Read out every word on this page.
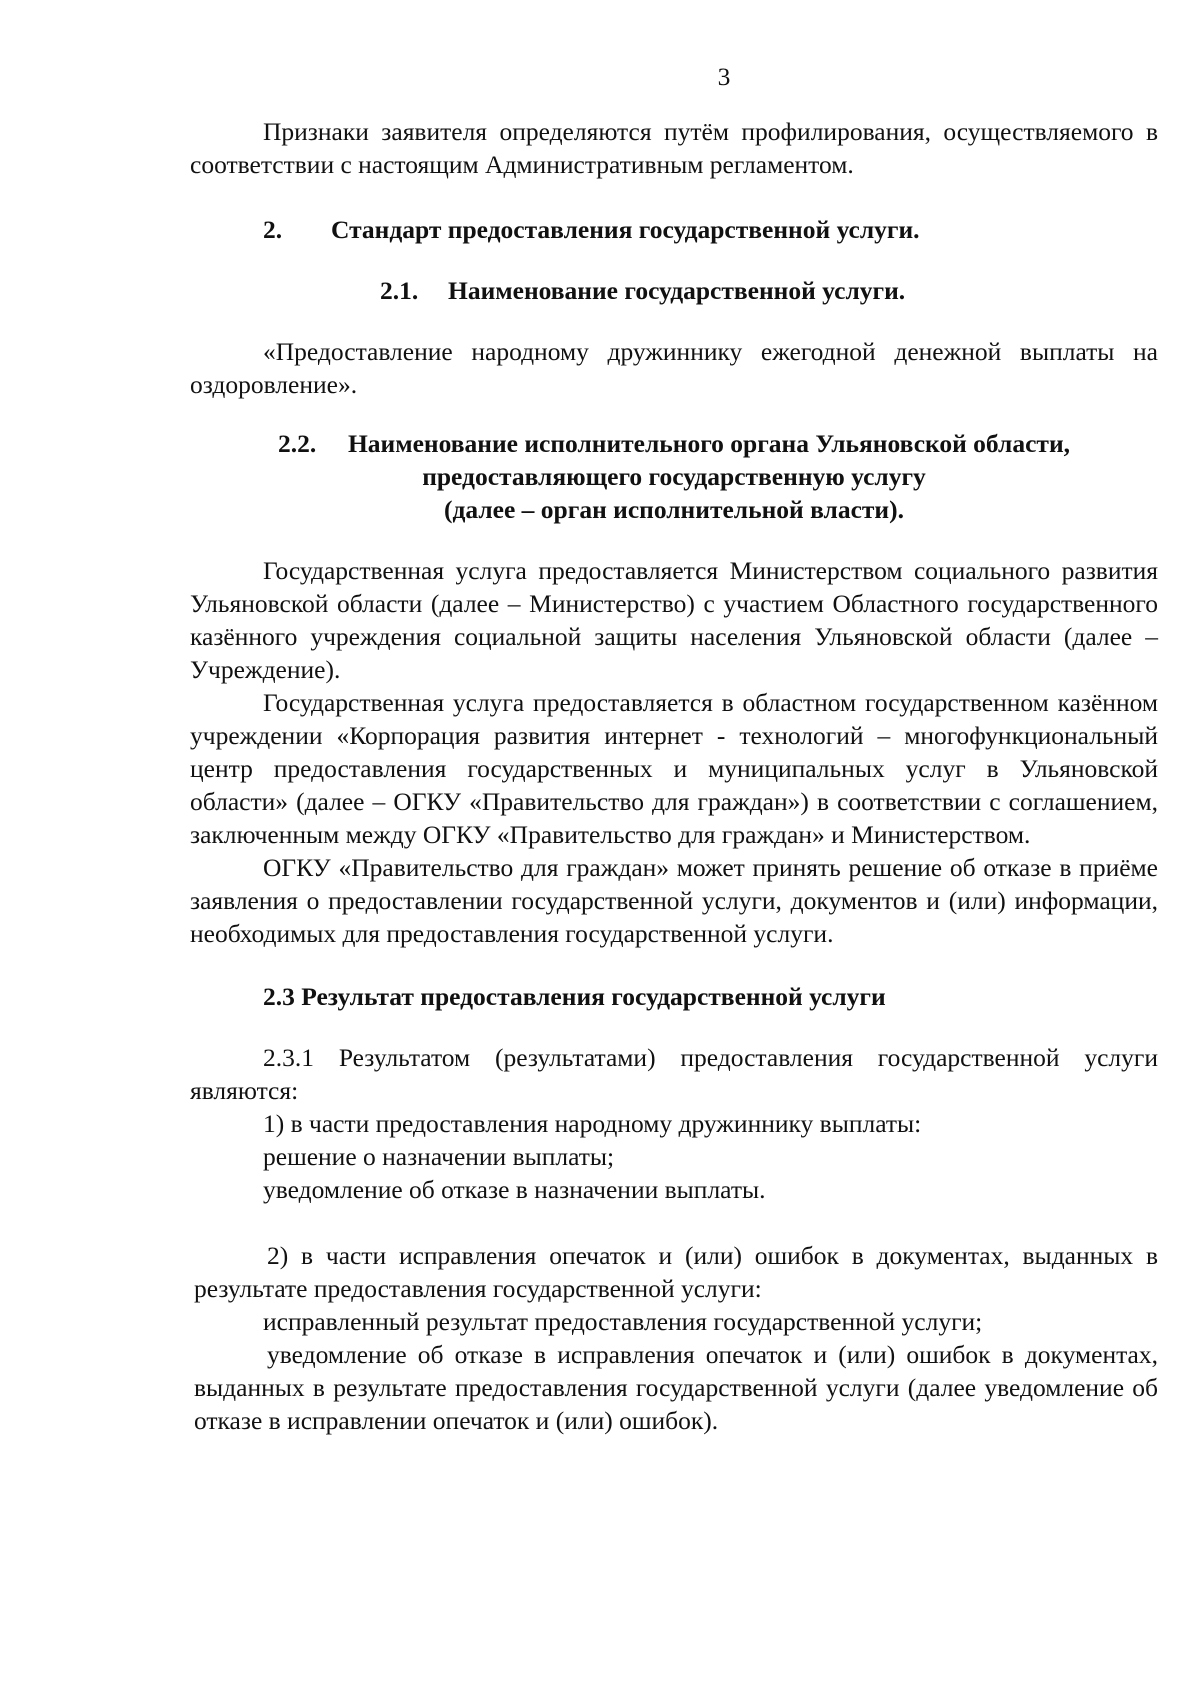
3

Признаки заявителя определяются путём профилирования, осуществляемого в соответствии с настоящим Административным регламентом.

2. Стандарт предоставления государственной услуги.
2.1. Наименование государственной услуги.

«Предоставление народному дружиннику ежегодной денежной выплаты на оздоровление».

2.2. Наименование исполнительного органа Ульяновской области,
предоставляющего государственную услугу
(далее – орган исполнительной власти).

Государственная услуга предоставляется Министерством социального развития Ульяновской области (далее – Министерство) с участием Областного государственного казённого учреждения социальной защиты населения Ульяновской области (далее – Учреждение).

Государственная услуга предоставляется в областном государственном казённом учреждении «Корпорация развития интернет - технологий – многофункциональный центр предоставления государственных и муниципальных услуг в Ульяновской области» (далее – ОГКУ «Правительство для граждан») в соответствии с соглашением, заключенным между ОГКУ «Правительство для граждан» и Министерством.

ОГКУ «Правительство для граждан» может принять решение об отказе в приёме заявления о предоставлении государственной услуги, документов и (или) информации, необходимых для предоставления государственной услуги.

2.3 Результат предоставления государственной услуги

2.3.1 Результатом (результатами) предоставления государственной услуги являются:

1) в части предоставления народному дружиннику выплаты:
решение о назначении выплаты;
уведомление об отказе в назначении выплаты.

2) в части исправления опечаток и (или) ошибок в документах, выданных в результате предоставления государственной услуги:

исправленный результат предоставления государственной услуги;

уведомление об отказе в исправления опечаток и (или) ошибок в документах, выданных в результате предоставления государственной услуги (далее уведомление об отказе в исправлении опечаток и (или) ошибок).
